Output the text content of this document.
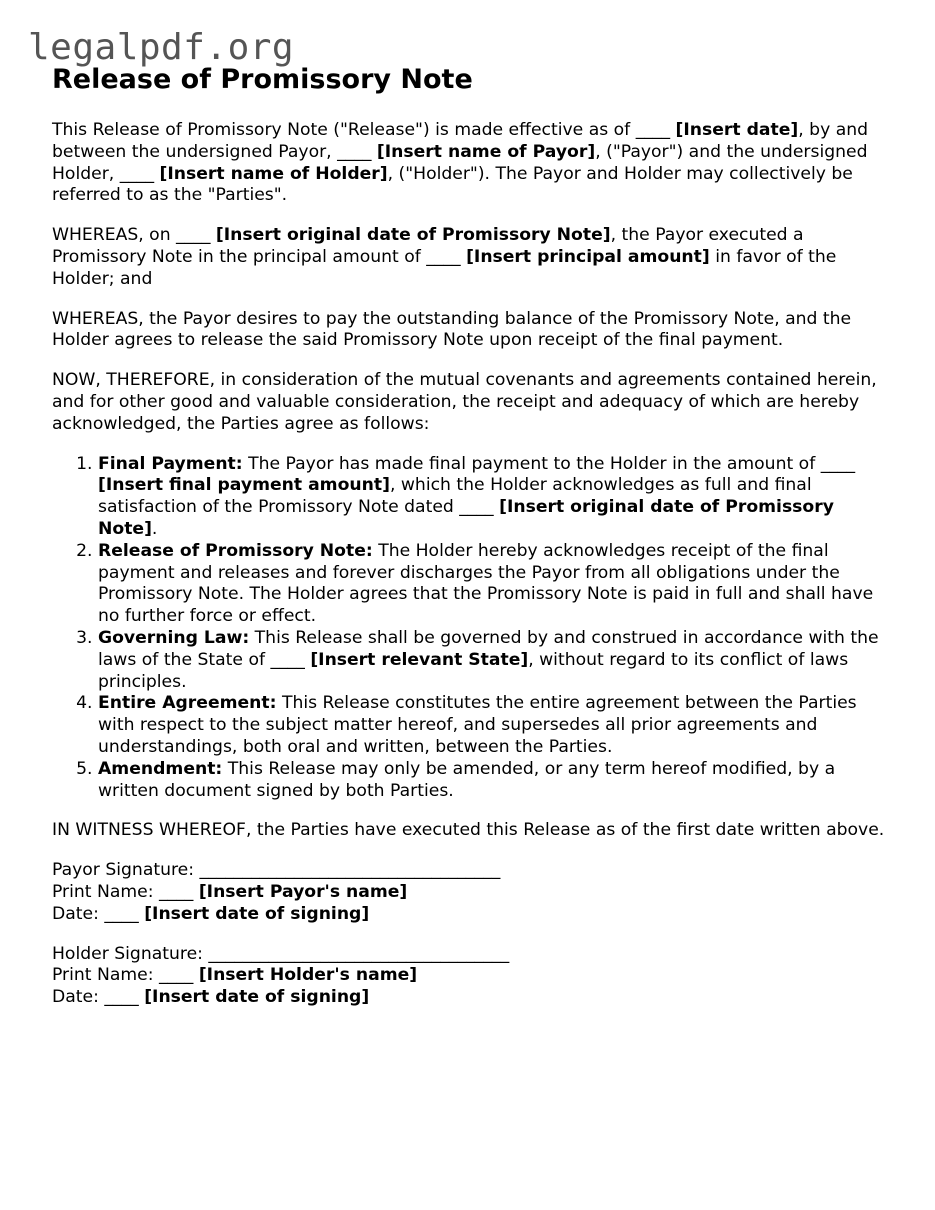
legalpdf.org
Release of Promissory Note

This Release of Promissory Note ("Release") is made effective as of ____ [Insert date], by and between the undersigned Payor, ____ [Insert name of Payor], ("Payor") and the undersigned Holder, ____ [Insert name of Holder], ("Holder"). The Payor and Holder may collectively be referred to as the "Parties".

WHEREAS, on ____ [Insert original date of Promissory Note], the Payor executed a Promissory Note in the principal amount of ____ [Insert principal amount] in favor of the Holder; and

WHEREAS, the Payor desires to pay the outstanding balance of the Promissory Note, and the Holder agrees to release the said Promissory Note upon receipt of the final payment.

NOW, THEREFORE, in consideration of the mutual covenants and agreements contained herein, and for other good and valuable consideration, the receipt and adequacy of which are hereby acknowledged, the Parties agree as follows:

1. Final Payment: The Payor has made final payment to the Holder in the amount of ____ [Insert final payment amount], which the Holder acknowledges as full and final satisfaction of the Promissory Note dated ____ [Insert original date of Promissory Note].
2. Release of Promissory Note: The Holder hereby acknowledges receipt of the final payment and releases and forever discharges the Payor from all obligations under the Promissory Note. The Holder agrees that the Promissory Note is paid in full and shall have no further force or effect.
3. Governing Law: This Release shall be governed by and construed in accordance with the laws of the State of ____ [Insert relevant State], without regard to its conflict of laws principles.
4. Entire Agreement: This Release constitutes the entire agreement between the Parties with respect to the subject matter hereof, and supersedes all prior agreements and understandings, both oral and written, between the Parties.
5. Amendment: This Release may only be amended, or any term hereof modified, by a written document signed by both Parties.

IN WITNESS WHEREOF, the Parties have executed this Release as of the first date written above.

Payor Signature: ___________________________________
Print Name: ____ [Insert Payor's name]
Date: ____ [Insert date of signing]
Holder Signature: ___________________________________
Print Name: ____ [Insert Holder's name]
Date: ____ [Insert date of signing]
